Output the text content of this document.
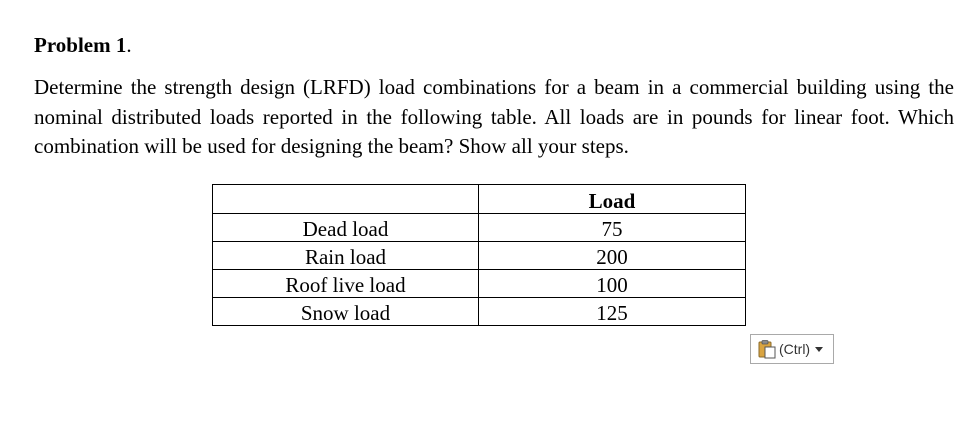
Problem 1.
Determine the strength design (LRFD) load combinations for a beam in a commercial building using the nominal distributed loads reported in the following table. All loads are in pounds for linear foot. Which combination will be used for designing the beam? Show all your steps.
	Load
Dead load	75
Rain load	200
Roof live load	100
Snow load	125
(Ctrl)
